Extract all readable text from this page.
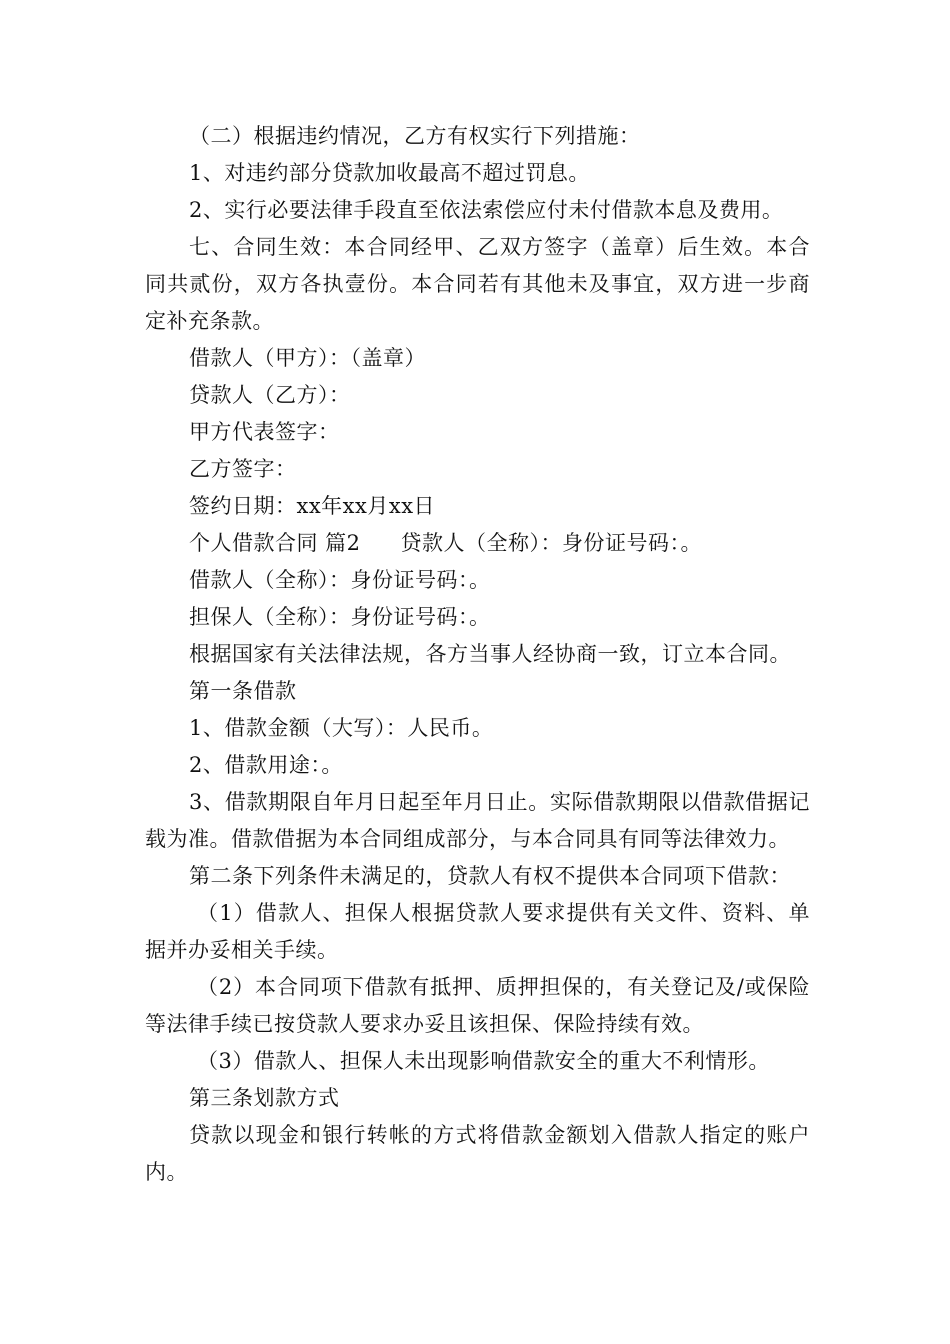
（二）根据违约情况，乙方有权实行下列措施：

1、对违约部分贷款加收最高不超过罚息。

2、实行必要法律手段直至依法索偿应付未付借款本息及费用。

七、合同生效：本合同经甲、乙双方签字（盖章）后生效。本合同共贰份，双方各执壹份。本合同若有其他未及事宜，双方进一步商定补充条款。

借款人（甲方）：（盖章）

贷款人（乙方）：

甲方代表签字：

乙方签字：

签约日期：xx年xx月xx日

个人借款合同 篇2 贷款人（全称）：身份证号码：。

借款人（全称）：身份证号码：。

担保人（全称）：身份证号码：。

根据国家有关法律法规，各方当事人经协商一致，订立本合同。

第一条借款

1、借款金额（大写）：人民币。

2、借款用途：。

3、借款期限自年月日起至年月日止。实际借款期限以借款借据记载为准。借款借据为本合同组成部分，与本合同具有同等法律效力。

第二条下列条件未满足的，贷款人有权不提供本合同项下借款：

（1）借款人、担保人根据贷款人要求提供有关文件、资料、单据并办妥相关手续。

（2）本合同项下借款有抵押、质押担保的，有关登记及/或保险等法律手续已按贷款人要求办妥且该担保、保险持续有效。

（3）借款人、担保人未出现影响借款安全的重大不利情形。

第三条划款方式

贷款以现金和银行转帐的方式将借款金额划入借款人指定的账户内。
